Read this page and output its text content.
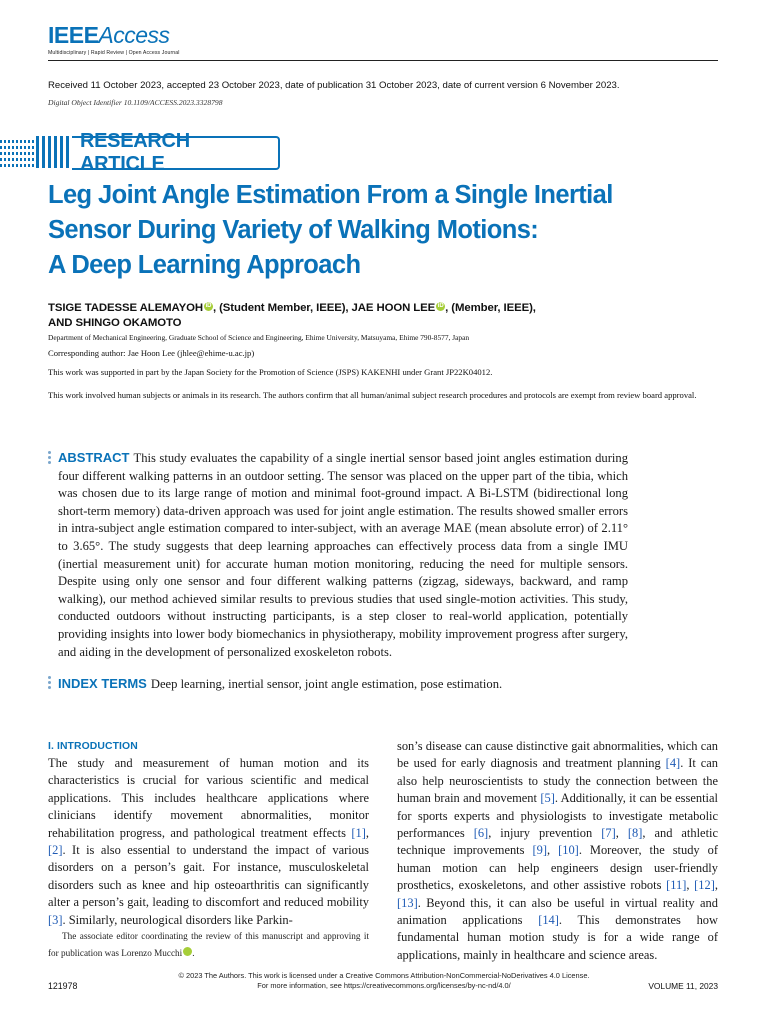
IEEEAccess
Multidisciplinary | Rapid Review | Open Access Journal
Received 11 October 2023, accepted 23 October 2023, date of publication 31 October 2023, date of current version 6 November 2023.
Digital Object Identifier 10.1109/ACCESS.2023.3328798
RESEARCH ARTICLE
Leg Joint Angle Estimation From a Single Inertial
Sensor During Variety of Walking Motions:
A Deep Learning Approach
TSIGE TADESSE ALEMAYOH iD , (Student Member, IEEE), JAE HOON LEE iD , (Member, IEEE),
AND SHINGO OKAMOTO
Department of Mechanical Engineering, Graduate School of Science and Engineering, Ehime University, Matsuyama, Ehime 790-8577, Japan
Corresponding author: Jae Hoon Lee (jhlee@ehime-u.ac.jp)
This work was supported in part by the Japan Society for the Promotion of Science (JSPS) KAKENHI under Grant JP22K04012.
This work involved human subjects or animals in its research. The authors confirm that all human/animal subject research procedures and protocols are exempt from review board approval.
ABSTRACT This study evaluates the capability of a single inertial sensor based joint angles estimation during four different walking patterns in an outdoor setting. The sensor was placed on the upper part of the tibia, which was chosen due to its large range of motion and minimal foot-ground impact. A Bi-LSTM (bidirectional long short-term memory) data-driven approach was used for joint angle estimation. The results showed smaller errors in intra-subject angle estimation compared to inter-subject, with an average MAE (mean absolute error) of 2.11° to 3.65°. The study suggests that deep learning approaches can effectively process data from a single IMU (inertial measurement unit) for accurate human motion monitoring, reducing the need for multiple sensors. Despite using only one sensor and four different walking patterns (zigzag, sideways, backward, and ramp walking), our method achieved similar results to previous studies that used single-motion activities. This study, conducted outdoors without instructing participants, is a step closer to real-world application, potentially providing insights into lower body biomechanics in physiotherapy, mobility improvement progress after surgery, and aiding in the development of personalized exoskeleton robots.
INDEX TERMS Deep learning, inertial sensor, joint angle estimation, pose estimation.
I. INTRODUCTION
The study and measurement of human motion and its characteristics is crucial for various scientific and medical applications. This includes healthcare applications where clinicians identify movement abnormalities, monitor rehabilitation progress, and pathological treatment effects [1], [2]. It is also essential to understand the impact of various disorders on a person’s gait. For instance, musculoskeletal disorders such as knee and hip osteoarthritis can significantly alter a person’s gait, leading to discomfort and reduced mobility [3]. Similarly, neurological disorders like Parkin-
The associate editor coordinating the review of this manuscript and approving it for publication was Lorenzo Mucchi	iD.
son’s disease can cause distinctive gait abnormalities, which can be used for early diagnosis and treatment planning [4]. It can also help neuroscientists to study the connection between the human brain and movement [5]. Additionally, it can be essential for sports experts and physiologists to investigate metabolic performances [6], injury prevention [7], [8], and athletic technique improvements [9], [10]. Moreover, the study of human motion can help engineers design user-friendly prosthetics, exoskeletons, and other assistive robots [11], [12], [13]. Beyond this, it can also be useful in virtual reality and animation applications [14]. This demonstrates how fundamental human motion study is for a wide range of applications, mainly in healthcare and science areas.
121978
© 2023 The Authors. This work is licensed under a Creative Commons Attribution-NonCommercial-NoDerivatives 4.0 License.
For more information, see https://creativecommons.org/licenses/by-nc-nd/4.0/	VOLUME 11, 2023
